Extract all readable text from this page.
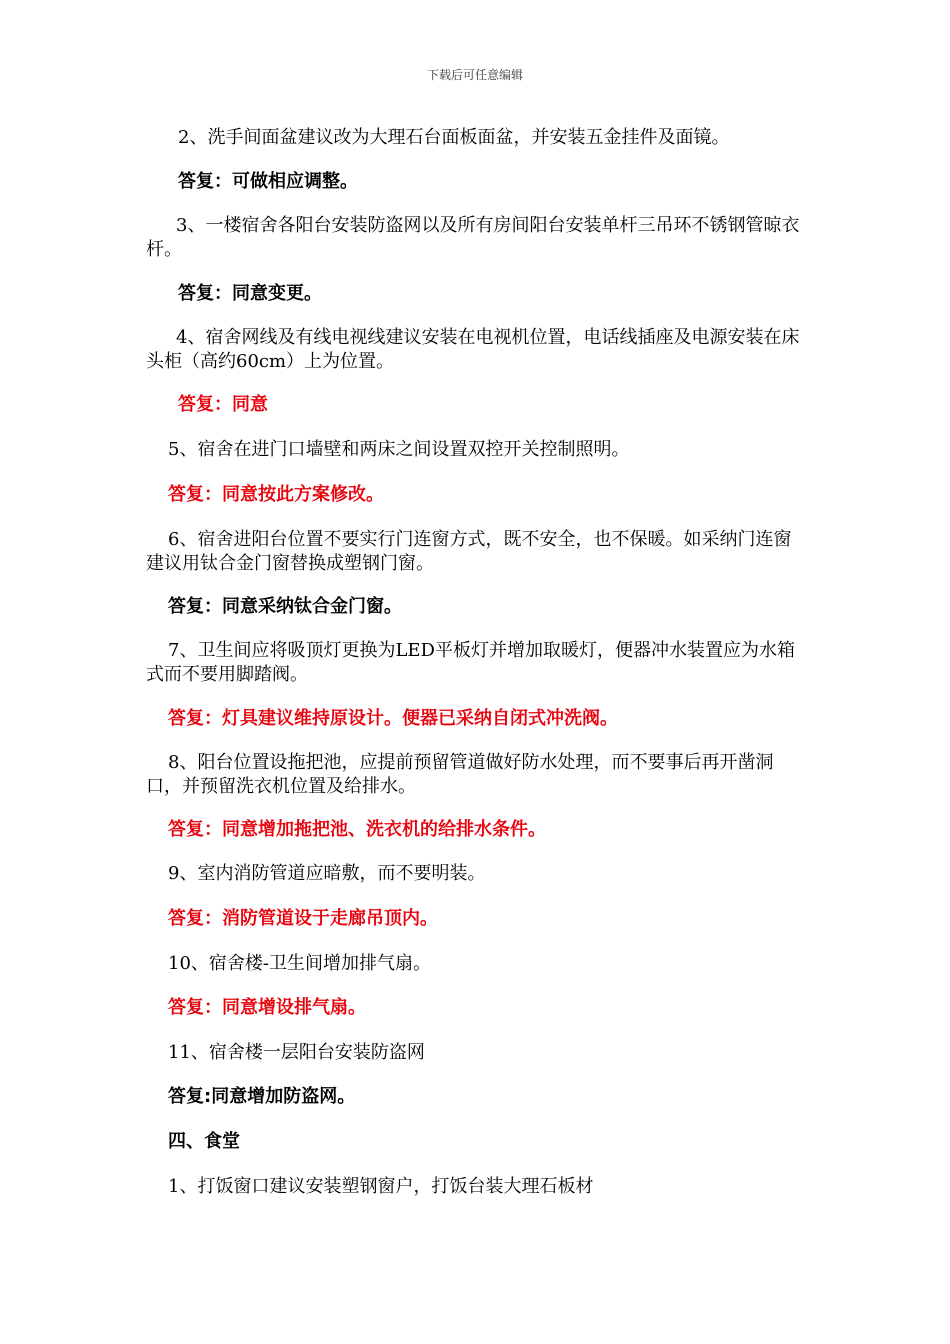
下载后可任意编辑

2、洗手间面盆建议改为大理石台面板面盆，并安装五金挂件及面镜。

答复：可做相应调整。

3、一楼宿舍各阳台安装防盗网以及所有房间阳台安装单杆三吊环不锈钢管晾衣杆。

答复：同意变更。

4、宿舍网线及有线电视线建议安装在电视机位置，电话线插座及电源安装在床头柜（高约60cm）上为位置。

答复：同意

5、宿舍在进门口墙壁和两床之间设置双控开关控制照明。

答复：同意按此方案修改。

6、宿舍进阳台位置不要实行门连窗方式，既不安全，也不保暖。如采纳门连窗建议用钛合金门窗替换成塑钢门窗。

答复：同意采纳钛合金门窗。

7、卫生间应将吸顶灯更换为LED平板灯并增加取暖灯，便器冲水装置应为水箱式而不要用脚踏阀。

答复：灯具建议维持原设计。便器已采纳自闭式冲洗阀。

8、阳台位置设拖把池，应提前预留管道做好防水处理，而不要事后再开凿洞口，并预留洗衣机位置及给排水。

答复：同意增加拖把池、洗衣机的给排水条件。

9、室内消防管道应暗敷，而不要明装。

答复：消防管道设于走廊吊顶内。

10、宿舍楼-卫生间增加排气扇。

答复：同意增设排气扇。

11、宿舍楼一层阳台安装防盗网

答复:同意增加防盗网。

四、食堂

1、打饭窗口建议安装塑钢窗户，打饭台装大理石板材
